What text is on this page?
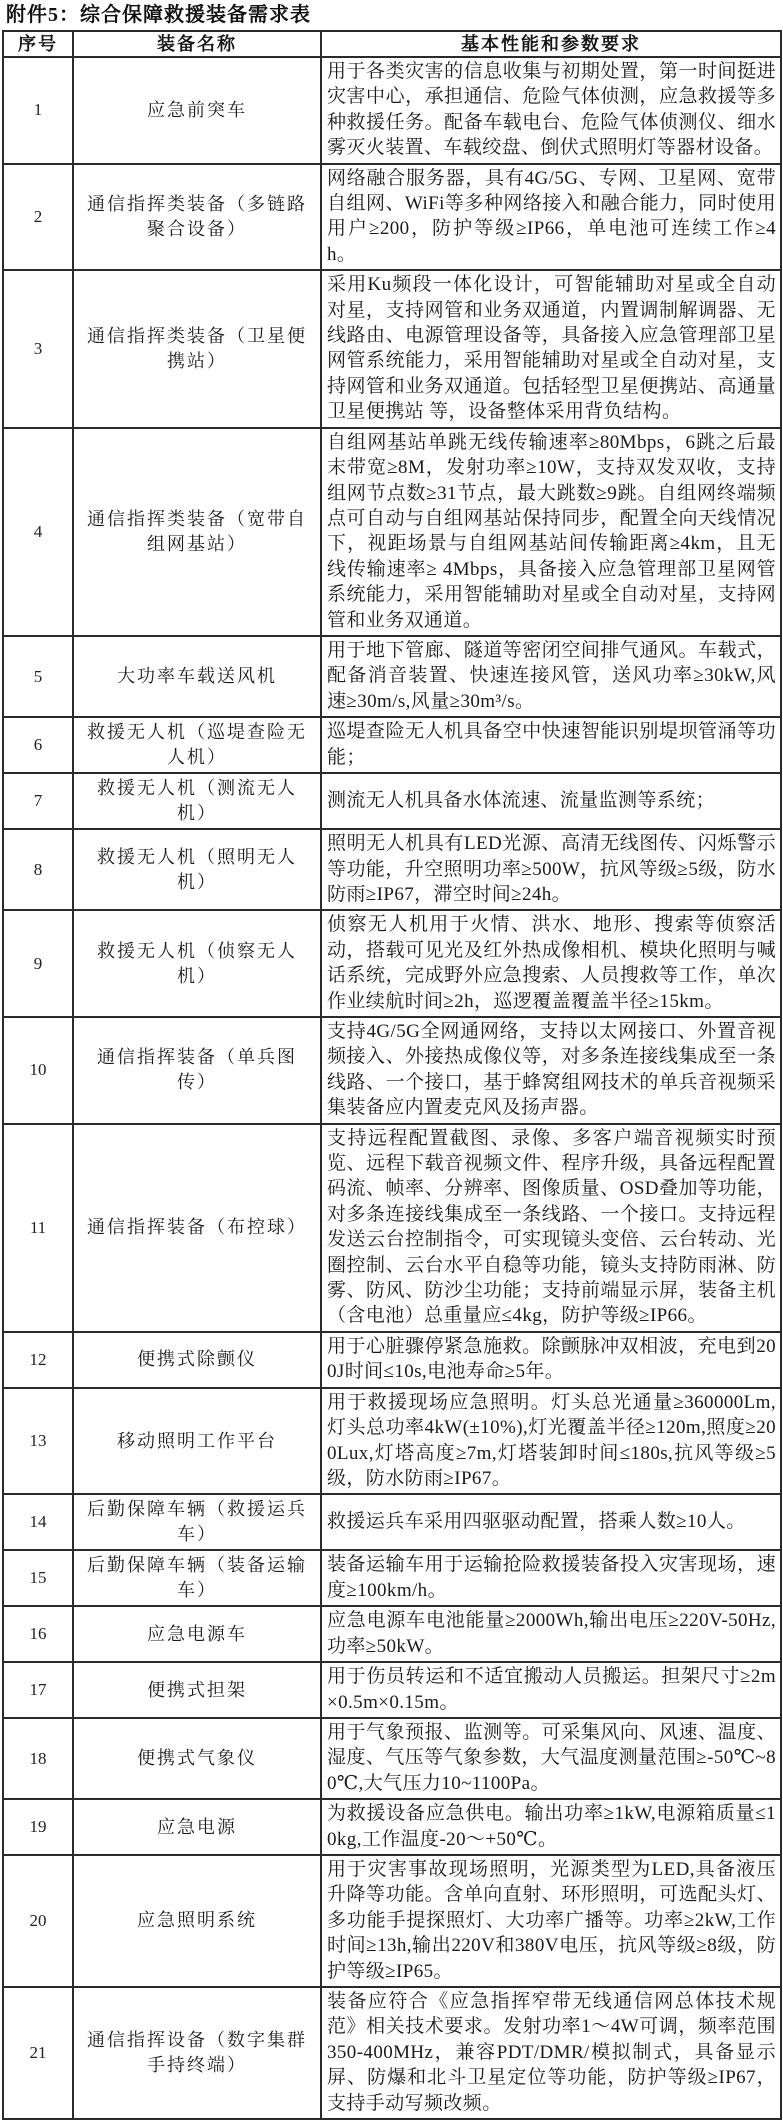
附件5：综合保障救援装备需求表
序号	装备名称	基本性能和参数要求
1	应急前突车	用于各类灾害的信息收集与初期处置，第一时间挺进灾害中心，承担通信、危险气体侦测，应急救援等多种救援任务。配备车载电台、危险气体侦测仪、细水雾灭火装置、车载绞盘、倒伏式照明灯等器材设备。
2	通信指挥类装备（多链路聚合设备）	网络融合服务器，具有4G/5G、专网、卫星网、宽带自组网、WiFi等多种网络接入和融合能力，同时使用用户≥200，防护等级≥IP66，单电池可连续工作≥4h。
3	通信指挥类装备（卫星便携站）	采用Ku频段一体化设计，可智能辅助对星或全自动对星，支持网管和业务双通道，内置调制解调器、无线路由、电源管理设备等，具备接入应急管理部卫星网管系统能力，采用智能辅助对星或全自动对星，支持网管和业务双通道。包括轻型卫星便携站、高通量卫星便携站 等，设备整体采用背负结构。
4	通信指挥类装备（宽带自组网基站）	自组网基站单跳无线传输速率≥80Mbps，6跳之后最末带宽≥8M，发射功率≥10W，支持双发双收，支持组网节点数≥31节点，最大跳数≥9跳。自组网终端频点可自动与自组网基站保持同步，配置全向天线情况下，视距场景与自组网基站间传输距离≥4km，且无线传输速率≥ 4Mbps，具备接入应急管理部卫星网管系统能力，采用智能辅助对星或全自动对星，支持网管和业务双通道。
5	大功率车载送风机	用于地下管廊、隧道等密闭空间排气通风。车载式，配备消音装置、快速连接风管，送风功率≥30kW,风速≥30m/s,风量≥30m³/s。
6	救援无人机（巡堤查险无人机）	巡堤查险无人机具备空中快速智能识别堤坝管涌等功能；
7	救援无人机（测流无人机）	测流无人机具备水体流速、流量监测等系统；
8	救援无人机（照明无人机）	照明无人机具有LED光源、高清无线图传、闪烁警示等功能，升空照明功率≥500W，抗风等级≥5级，防水防雨≥IP67，滞空时间≥24h。
9	救援无人机（侦察无人机）	侦察无人机用于火情、洪水、地形、搜索等侦察活动，搭载可见光及红外热成像相机、模块化照明与喊话系统，完成野外应急搜索、人员搜救等工作，单次作业续航时间≥2h，巡逻覆盖覆盖半径≥15km。
10	通信指挥装备（单兵图传）	支持4G/5G全网通网络，支持以太网接口、外置音视频接入、外接热成像仪等，对多条连接线集成至一条线路、一个接口，基于蜂窝组网技术的单兵音视频采集装备应内置麦克风及扬声器。
11	通信指挥装备（布控球）	支持远程配置截图、录像、多客户端音视频实时预览、远程下载音视频文件、程序升级，具备远程配置码流、帧率、分辨率、图像质量、OSD叠加等功能，对多条连接线集成至一条线路、一个接口。支持远程发送云台控制指令，可实现镜头变倍、云台转动、光圈控制、云台水平自稳等功能，镜头支持防雨淋、防雾、防风、防沙尘功能；支持前端显示屏，装备主机（含电池）总重量应≤4kg，防护等级≥IP66。
12	便携式除颤仪	用于心脏骤停紧急施救。除颤脉冲双相波，充电到200J时间≤10s,电池寿命≥5年。
13	移动照明工作平台	用于救援现场应急照明。灯头总光通量≥360000Lm,灯头总功率4kW(±10%),灯光覆盖半径≥120m,照度≥200Lux,灯塔高度≥7m,灯塔装卸时间≤180s,抗风等级≥5级，防水防雨≥IP67。
14	后勤保障车辆（救援运兵车）	救援运兵车采用四驱驱动配置，搭乘人数≥10人。
15	后勤保障车辆（装备运输车）	装备运输车用于运输抢险救援装备投入灾害现场，速度≥100km/h。
16	应急电源车	应急电源车电池能量≥2000Wh,输出电压≥220V-50Hz,功率≥50kW。
17	便携式担架	用于伤员转运和不适宜搬动人员搬运。担架尺寸≥2m×0.5m×0.15m。
18	便携式气象仪	用于气象预报、监测等。可采集风向、风速、温度、湿度、气压等气象参数，大气温度测量范围≥-50℃~80℃,大气压力10~1100Pa。
19	应急电源	为救援设备应急供电。输出功率≥1kW,电源箱质量≤10kg,工作温度-20～+50℃。
20	应急照明系统	用于灾害事故现场照明，光源类型为LED,具备液压升降等功能。含单向直射、环形照明，可选配头灯、多功能手提探照灯、大功率广播等。功率≥2kW,工作时间≥13h,输出220V和380V电压，抗风等级≥8级，防护等级≥IP65。
21	通信指挥设备（数字集群手持终端）	装备应符合《应急指挥窄带无线通信网总体技术规范》相关技术要求。发射功率1～4W可调，频率范围350-400MHz，兼容PDT/DMR/模拟制式，具备显示屏、防爆和北斗卫星定位等功能，防护等级≥IP67，支持手动写频改频。
